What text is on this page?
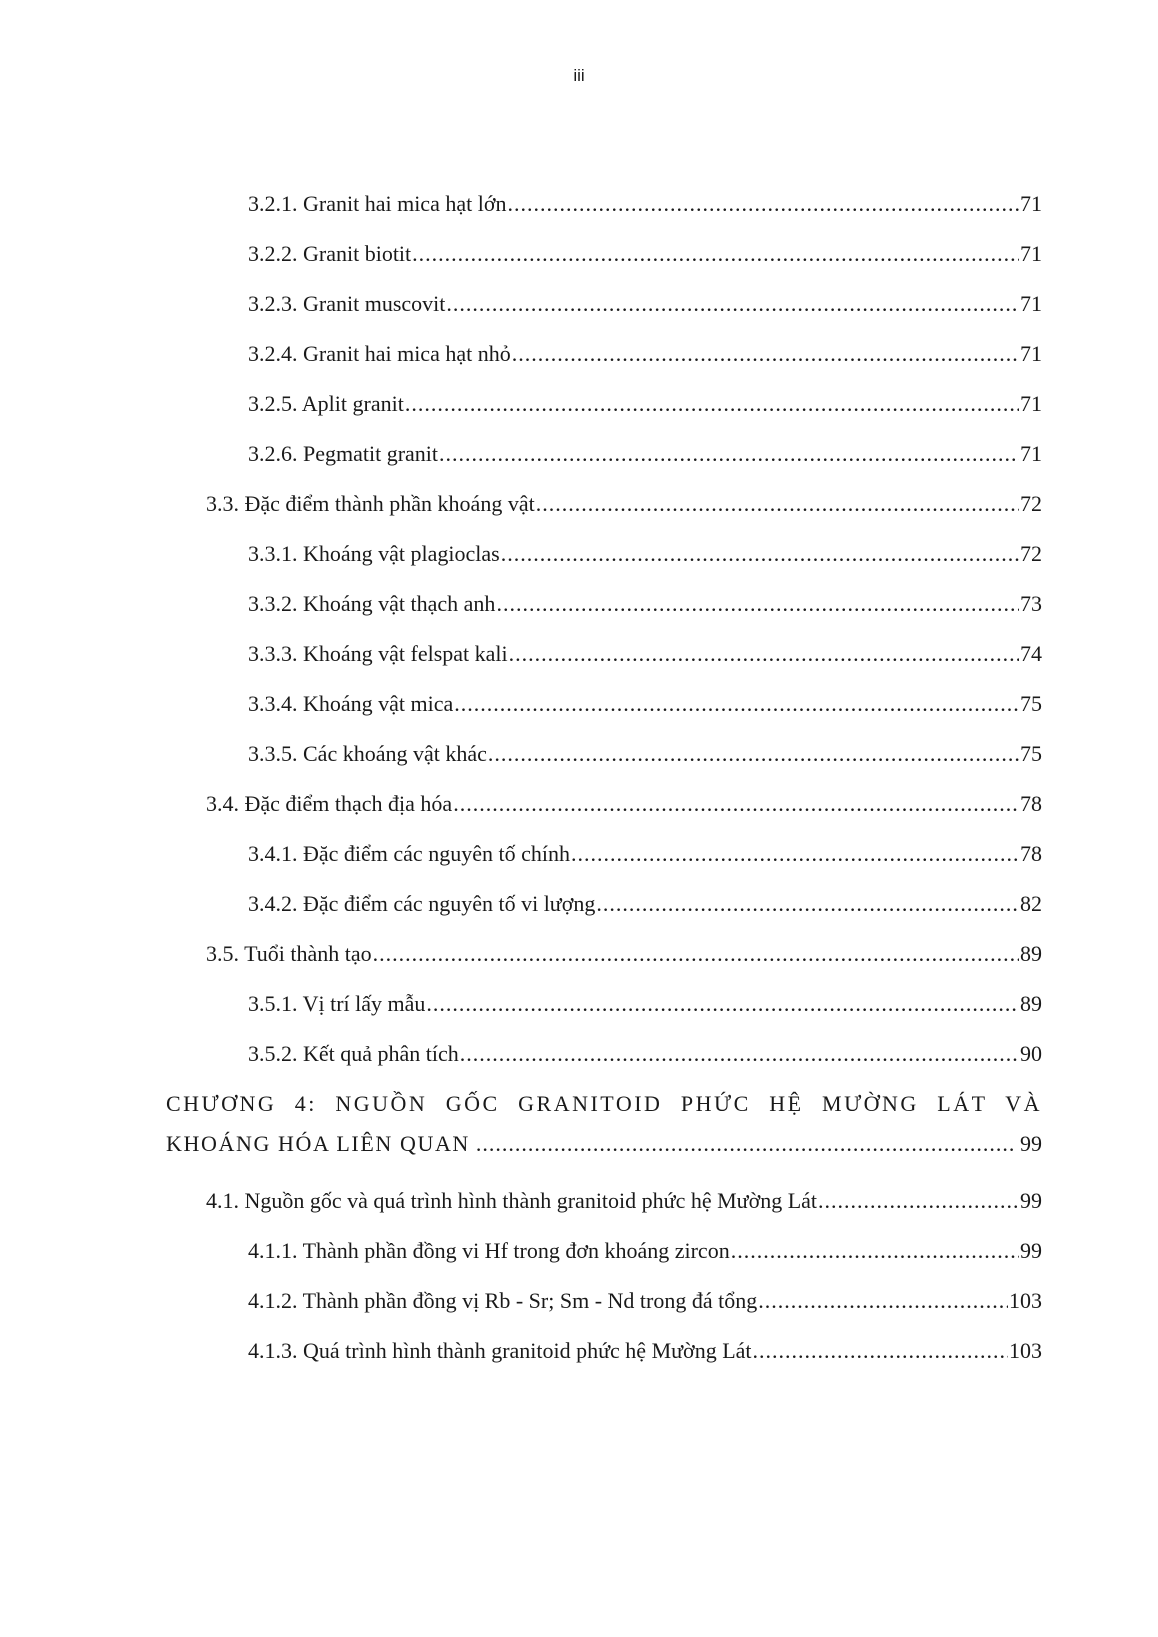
iii
3.2.1. Granit hai mica hạt lớn .....	71
3.2.2. Granit biotit .....	71
3.2.3. Granit muscovit .....	71
3.2.4. Granit hai mica hạt nhỏ .....	71
3.2.5. Aplit granit .....	71
3.2.6. Pegmatit granit .....	71
3.3. Đặc điểm thành phần khoáng vật .....	72
3.3.1. Khoáng vật plagioclas .....	72
3.3.2. Khoáng vật thạch anh .....	73
3.3.3. Khoáng vật felspat kali .....	74
3.3.4. Khoáng vật mica .....	75
3.3.5. Các khoáng vật khác .....	75
3.4. Đặc điểm thạch địa hóa .....	78
3.4.1. Đặc điểm các nguyên tố chính .....	78
3.4.2. Đặc điểm các nguyên tố vi lượng .....	82
3.5. Tuổi thành tạo .....	89
3.5.1. Vị trí lấy mẫu .....	89
3.5.2. Kết quả phân tích .....	90
CHƯƠNG 4: NGUỒN GỐC GRANITOID PHỨC HỆ MƯỜNG LÁT VÀ
KHOÁNG HÓA LIÊN QUAN .....	99
4.1. Nguồn gốc và quá trình hình thành granitoid phức hệ Mường Lát .....	99
4.1.1. Thành phần đồng vi Hf trong đơn khoáng zircon .....	99
4.1.2. Thành phần đồng vị Rb - Sr; Sm - Nd trong đá tổng .....	103
4.1.3. Quá trình hình thành granitoid phức hệ Mường Lát .....	103
